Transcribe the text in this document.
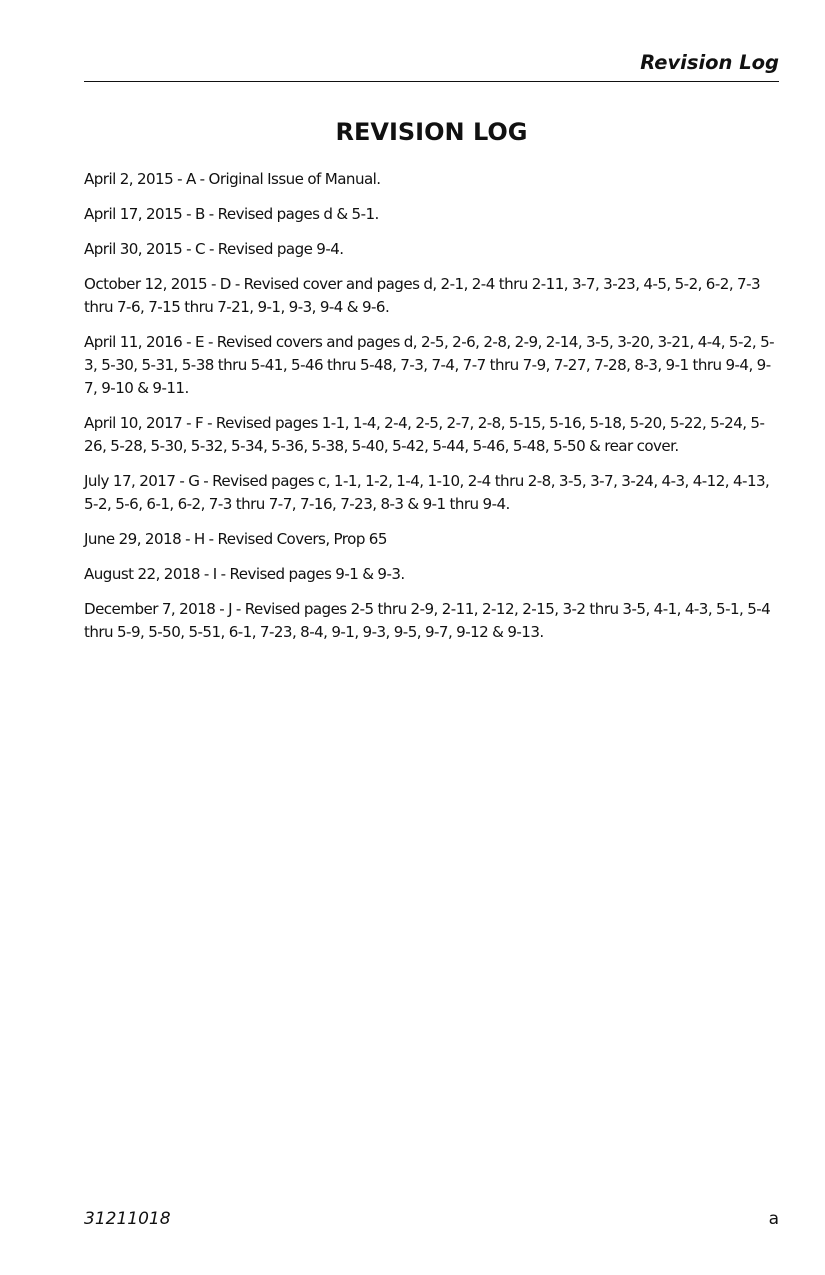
Revision Log
REVISION LOG
April 2, 2015 - A - Original Issue of Manual.
April 17, 2015 - B - Revised pages d & 5-1.
April 30, 2015 - C - Revised page 9-4.
October 12, 2015 - D - Revised cover and pages d, 2-1, 2-4 thru 2-11, 3-7, 3-23, 4-5, 5-2, 6-2, 7-3 thru 7-6, 7-15 thru 7-21, 9-1, 9-3, 9-4 & 9-6.
April 11, 2016 - E - Revised covers and pages d, 2-5, 2-6, 2-8, 2-9, 2-14, 3-5, 3-20, 3-21, 4-4, 5-2, 5-3, 5-30, 5-31, 5-38 thru 5-41, 5-46 thru 5-48, 7-3, 7-4, 7-7 thru 7-9, 7-27, 7-28, 8-3, 9-1 thru 9-4, 9-7, 9-10 & 9-11.
April 10, 2017 - F - Revised pages 1-1, 1-4, 2-4, 2-5, 2-7, 2-8, 5-15, 5-16, 5-18, 5-20, 5-22, 5-24, 5-26, 5-28, 5-30, 5-32, 5-34, 5-36, 5-38, 5-40, 5-42, 5-44, 5-46, 5-48, 5-50 & rear cover.
July 17, 2017 - G - Revised pages c, 1-1, 1-2, 1-4, 1-10, 2-4 thru 2-8, 3-5, 3-7, 3-24, 4-3, 4-12, 4-13, 5-2, 5-6, 6-1, 6-2, 7-3 thru 7-7, 7-16, 7-23, 8-3 & 9-1 thru 9-4.
June 29, 2018 - H - Revised Covers, Prop 65
August 22, 2018 - I - Revised pages 9-1 & 9-3.
December 7, 2018 - J - Revised pages 2-5 thru 2-9, 2-11, 2-12, 2-15, 3-2 thru 3-5, 4-1, 4-3, 5-1, 5-4 thru 5-9, 5-50, 5-51, 6-1, 7-23, 8-4, 9-1, 9-3, 9-5, 9-7, 9-12 & 9-13.
31211018	a
